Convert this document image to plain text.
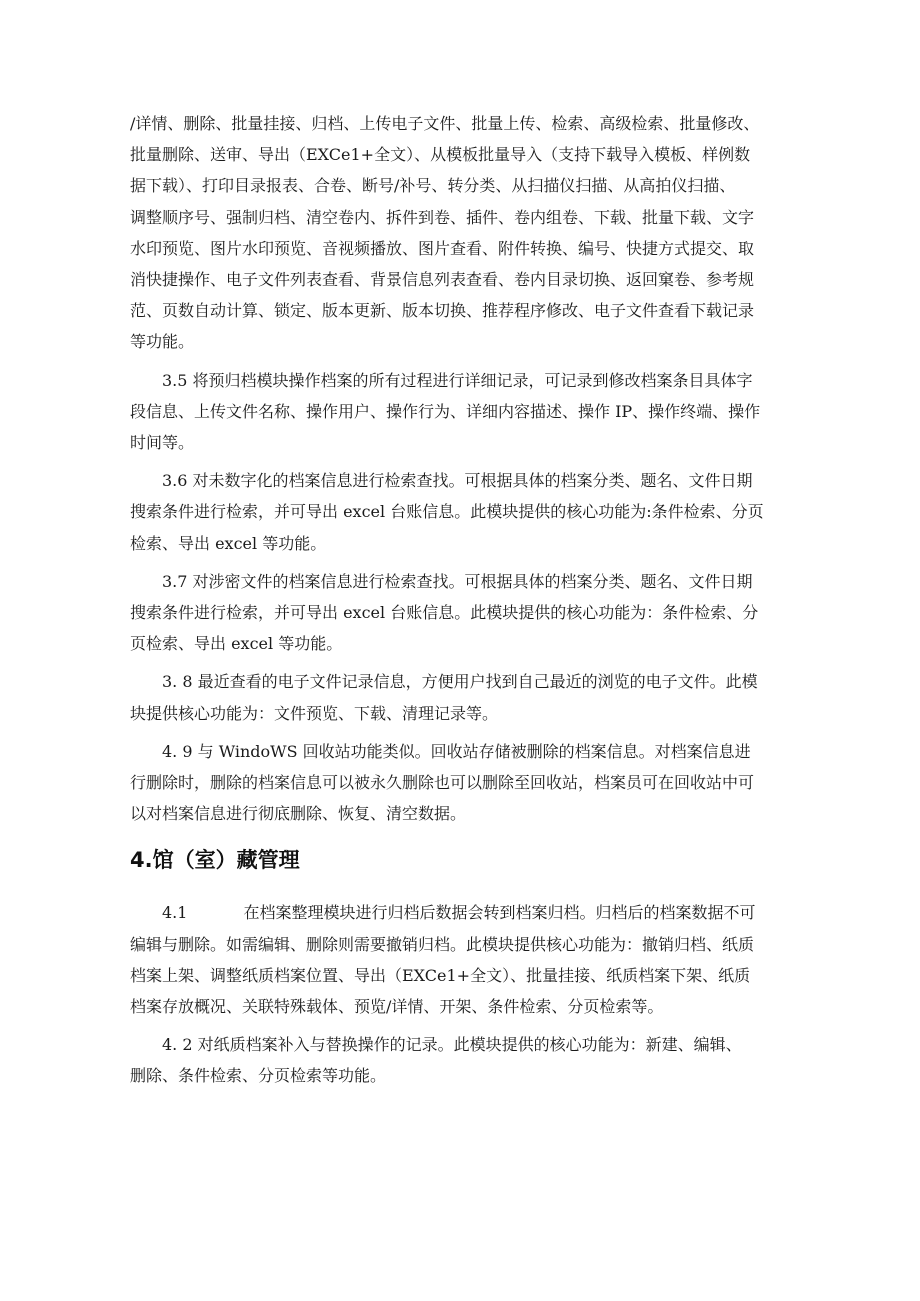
/详情、删除、批量挂接、归档、上传电子文件、批量上传、检索、高级检索、批量修改、
批量删除、送审、导出（EXCe1+全文）、从模板批量导入（支持下载导入模板、样例数
据下载）、打印目录报表、合卷、断号/补号、转分类、从扫描仪扫描、从高拍仪扫描、
调整顺序号、强制归档、清空卷内、拆件到卷、插件、卷内组卷、下载、批量下载、文字
水印预览、图片水印预览、音视频播放、图片查看、附件转换、编号、快捷方式提交、取
消快捷操作、电子文件列表查看、背景信息列表查看、卷内目录切换、返回窠卷、参考规
范、页数自动计算、锁定、版本更新、版本切换、推荐程序修改、电子文件查看下载记录
等功能。

3.5 将预归档模块操作档案的所有过程进行详细记录，可记录到修改档案条目具体字
段信息、上传文件名称、操作用户、操作行为、详细内容描述、操作 IP、操作终端、操作
时间等。

3.6 对未数字化的档案信息进行检索查找。可根据具体的档案分类、题名、文件日期
搜索条件进行检索，并可导出 excel 台账信息。此模块提供的核心功能为:条件检索、分页
检索、导出 excel 等功能。

3.7 对涉密文件的档案信息进行检索查找。可根据具体的档案分类、题名、文件日期
搜索条件进行检索，并可导出 excel 台账信息。此模块提供的核心功能为：条件检索、分
页检索、导出 excel 等功能。

3. 8 最近查看的电子文件记录信息，方便用户找到自己最近的浏览的电子文件。此模
块提供核心功能为：文件预览、下载、清理记录等。

4. 9 与 WindoWS 回收站功能类似。回收站存储被删除的档案信息。对档案信息进
行删除时，删除的档案信息可以被永久删除也可以删除至回收站，档案员可在回收站中可
以对档案信息进行彻底删除、恢复、清空数据。

4.馆（室）藏管理

4.1	在档案整理模块进行归档后数据会转到档案归档。归档后的档案数据不可
编辑与删除。如需编辑、删除则需要撤销归档。此模块提供核心功能为：撤销归档、纸质
档案上架、调整纸质档案位置、导出（EXCe1+全文）、批量挂接、纸质档案下架、纸质
档案存放概况、关联特殊载体、预览/详情、开架、条件检索、分页检索等。

4. 2 对纸质档案补入与替换操作的记录。此模块提供的核心功能为：新建、编辑、
删除、条件检索、分页检索等功能。
